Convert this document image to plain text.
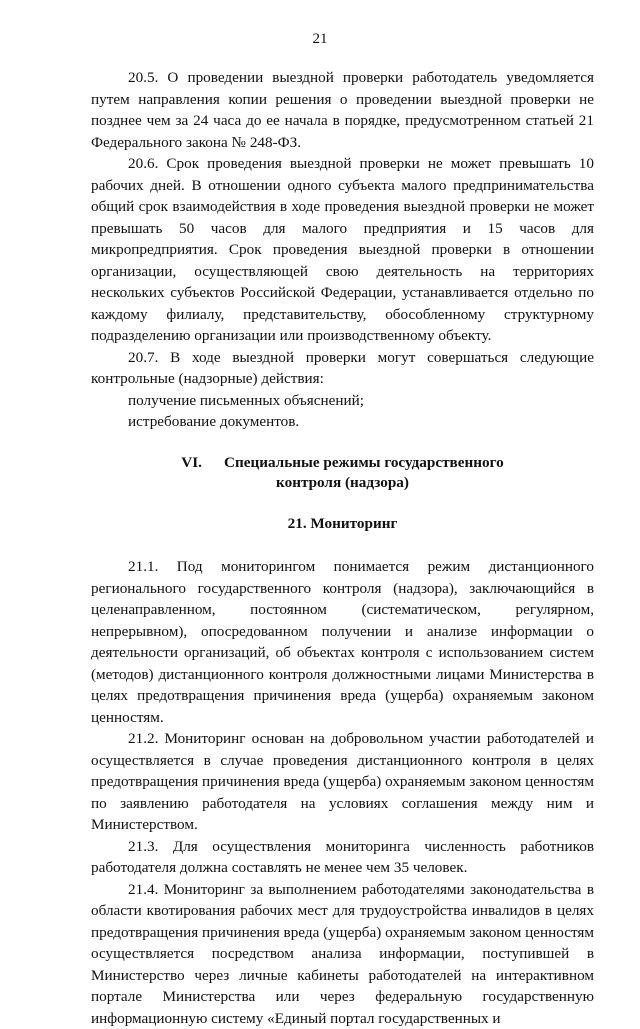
21

20.5. О проведении выездной проверки работодатель уведомляется путем направления копии решения о проведении выездной проверки не позднее чем за 24 часа до ее начала в порядке, предусмотренном статьей 21 Федерального закона № 248-ФЗ.

20.6. Срок проведения выездной проверки не может превышать 10 рабочих дней. В отношении одного субъекта малого предпринимательства общий срок взаимодействия в ходе проведения выездной проверки не может превышать 50 часов для малого предприятия и 15 часов для микропредприятия. Срок проведения выездной проверки в отношении организации, осуществляющей свою деятельность на территориях нескольких субъектов Российской Федерации, устанавливается отдельно по каждому филиалу, представительству, обособленному структурному подразделению организации или производственному объекту.

20.7. В ходе выездной проверки могут совершаться следующие контрольные (надзорные) действия:

получение письменных объяснений;

истребование документов.

VI. Специальные режимы государственного
контроля (надзора)
21. Мониторинг

21.1. Под мониторингом понимается режим дистанционного регионального государственного контроля (надзора), заключающийся в целенаправленном, постоянном (систематическом, регулярном, непрерывном), опосредованном получении и анализе информации о деятельности организаций, об объектах контроля с использованием систем (методов) дистанционного контроля должностными лицами Министерства в целях предотвращения причинения вреда (ущерба) охраняемым законом ценностям.

21.2. Мониторинг основан на добровольном участии работодателей и осуществляется в случае проведения дистанционного контроля в целях предотвращения причинения вреда (ущерба) охраняемым законом ценностям по заявлению работодателя на условиях соглашения между ним и Министерством.

21.3. Для осуществления мониторинга численность работников работодателя должна составлять не менее чем 35 человек.

21.4. Мониторинг за выполнением работодателями законодательства в области квотирования рабочих мест для трудоустройства инвалидов в целях предотвращения причинения вреда (ущерба) охраняемым законом ценностям осуществляется посредством анализа информации, поступившей в Министерство через личные кабинеты работодателей на интерактивном портале Министерства или через федеральную государственную информационную систему «Единый портал государственных и
